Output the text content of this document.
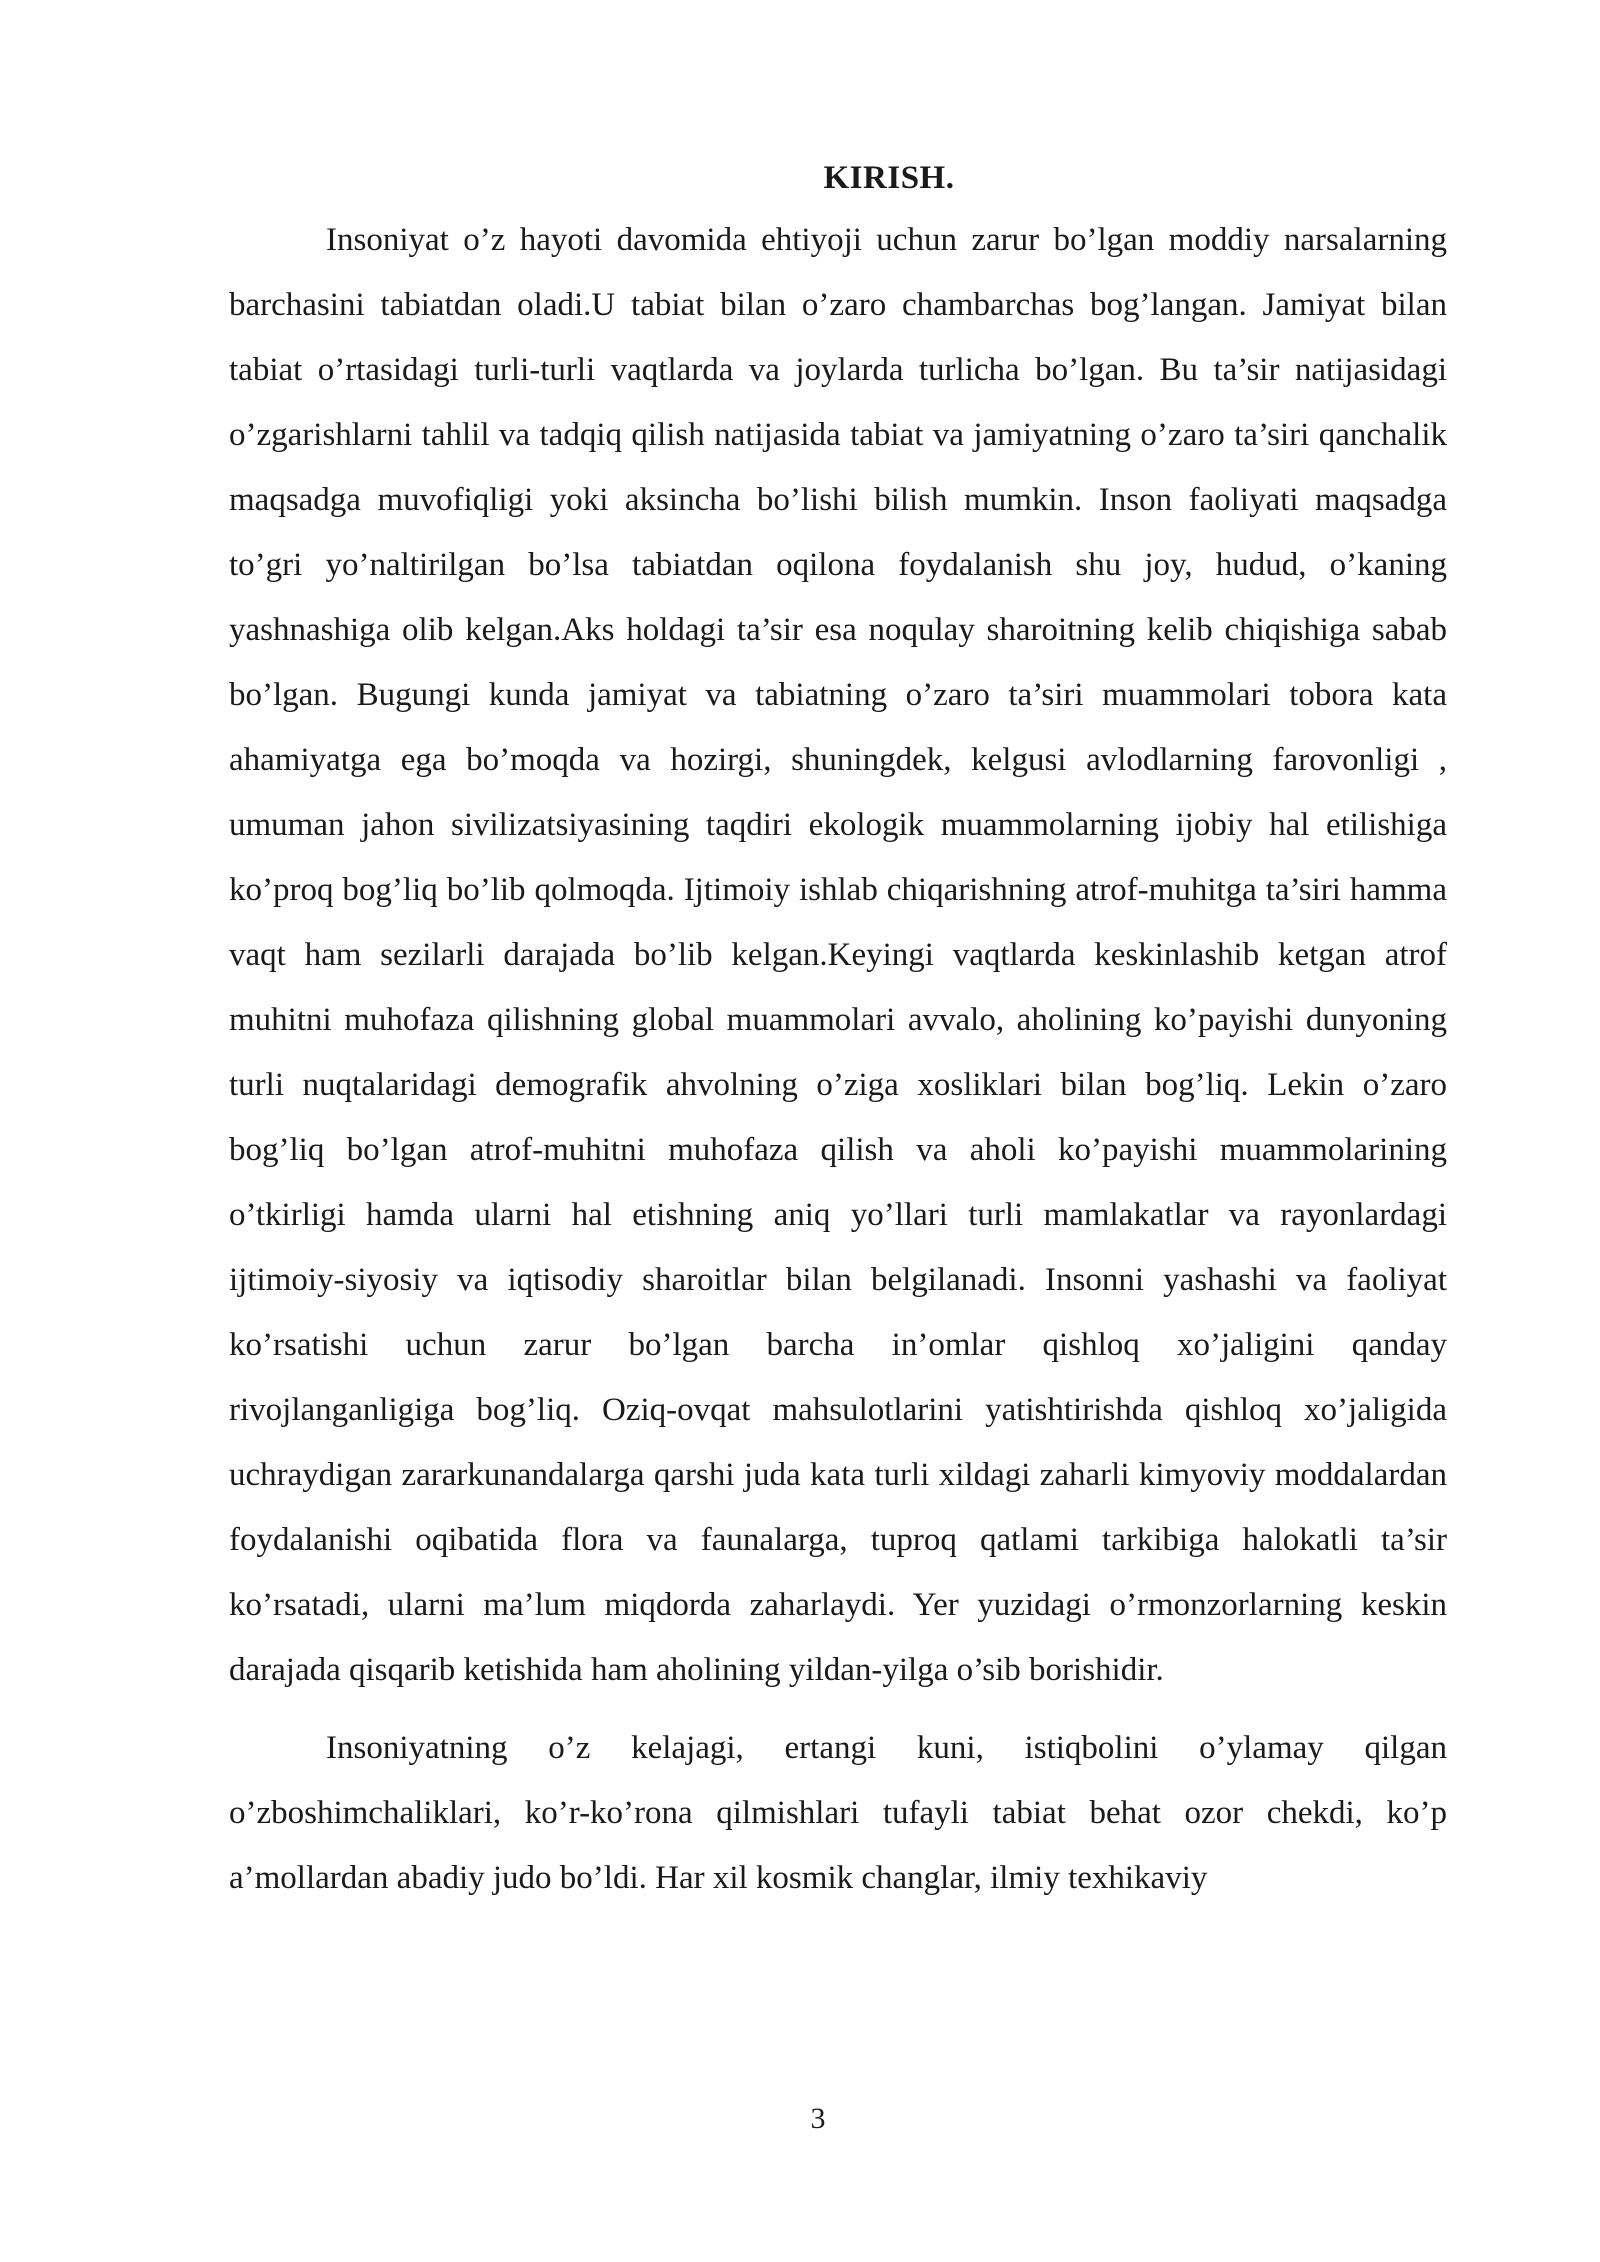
KIRISH.

Insoniyat o’z hayoti davomida ehtiyoji uchun zarur bo’lgan moddiy narsalarning barchasini tabiatdan oladi.U tabiat bilan o’zaro chambarchas bog’langan. Jamiyat bilan tabiat o’rtasidagi turli-turli vaqtlarda va joylarda turlicha bo’lgan. Bu ta’sir natijasidagi o’zgarishlarni tahlil va tadqiq qilish natijasida tabiat va jamiyatning o’zaro ta’siri qanchalik maqsadga muvofiqligi yoki aksincha bo’lishi bilish mumkin. Inson faoliyati maqsadga to’gri yo’naltirilgan bo’lsa tabiatdan oqilona foydalanish shu joy, hudud, o’kaning yashnashiga olib kelgan.Aks holdagi ta’sir esa noqulay sharoitning kelib chiqishiga sabab bo’lgan. Bugungi kunda jamiyat va tabiatning o’zaro ta’siri muammolari tobora kata ahamiyatga ega bo’moqda va hozirgi, shuningdek, kelgusi avlodlarning farovonligi , umuman jahon sivilizatsiyasining taqdiri ekologik muammolarning ijobiy hal etilishiga ko’proq bog’liq bo’lib qolmoqda. Ijtimoiy ishlab chiqarishning atrof-muhitga ta’siri hamma vaqt ham sezilarli darajada bo’lib kelgan.Keyingi vaqtlarda keskinlashib ketgan atrof muhitni muhofaza qilishning global muammolari avvalo, aholining ko’payishi dunyoning turli nuqtalaridagi demografik ahvolning o’ziga xosliklari bilan bog’liq. Lekin o’zaro bog’liq bo’lgan atrof-muhitni muhofaza qilish va aholi ko’payishi muammolarining o’tkirligi hamda ularni hal etishning aniq yo’llari turli mamlakatlar va rayonlardagi ijtimoiy-siyosiy va iqtisodiy sharoitlar bilan belgilanadi. Insonni yashashi va faoliyat ko’rsatishi uchun zarur bo’lgan barcha in’omlar qishloq xo’jaligini qanday rivojlanganligiga bog’liq. Oziq-ovqat mahsulotlarini yatishtirishda qishloq xo’jaligida uchraydigan zararkunandalarga qarshi juda kata turli xildagi zaharli kimyoviy moddalardan foydalanishi oqibatida flora va faunalarga, tuproq qatlami tarkibiga halokatli ta’sir ko’rsatadi, ularni ma’lum miqdorda zaharlaydi. Yer yuzidagi o’rmonzorlarning keskin darajada qisqarib ketishida ham aholining yildan-yilga o’sib borishidir.

Insoniyatning o’z kelajagi, ertangi kuni, istiqbolini o’ylamay qilgan o’zboshimchaliklari, ko’r-ko’rona qilmishlari tufayli tabiat behat ozor chekdi, ko’p a’mollardan abadiy judo bo’ldi. Har xil kosmik changlar, ilmiy texhikaviy

3
